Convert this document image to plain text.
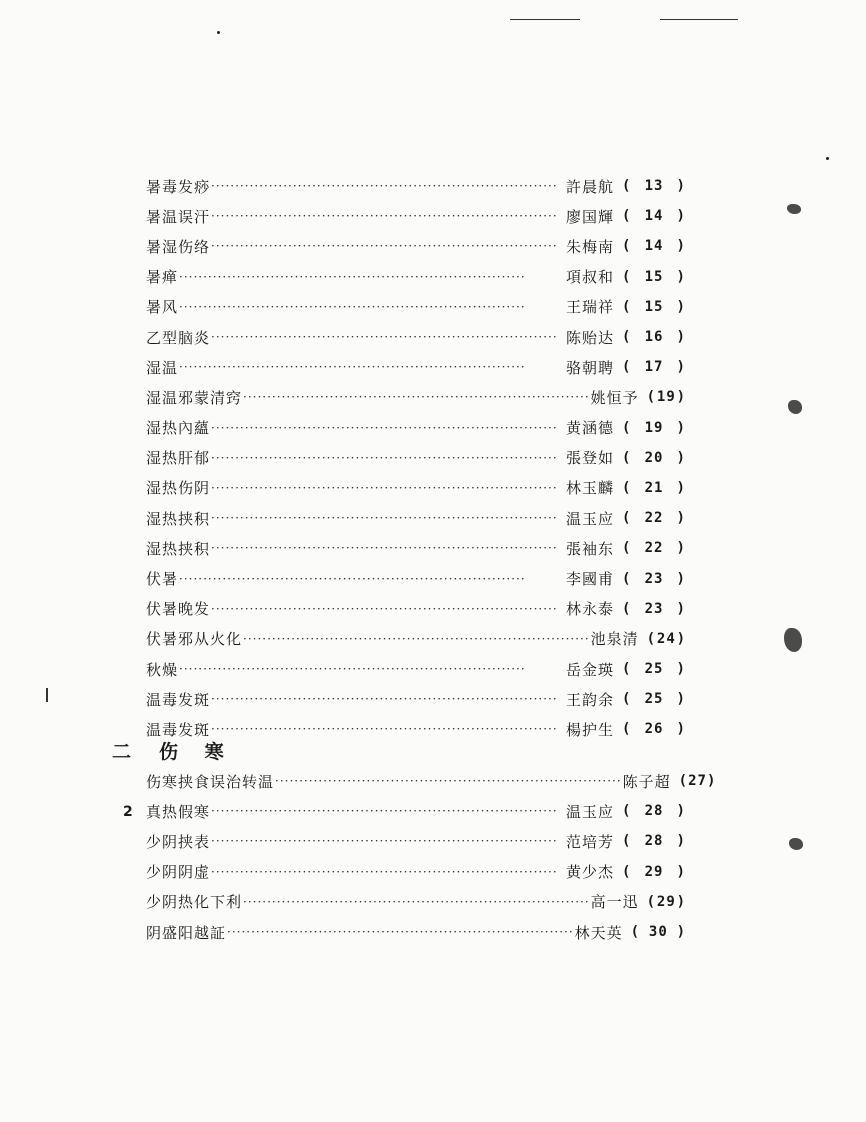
暑毒发痧 ········································································ 許晨航 ( 13 )
暑温误汗 ········································································ 廖国輝 ( 14 )
暑湿伤络 ········································································ 朱梅南 ( 14 )
暑瘅 ········································································	項叔和 ( 15 )
暑风 ········································································	王瑞祥 ( 15 )
乙型脑炎 ········································································ 陈贻达 ( 16 )
湿温 ········································································	骆朝聘 ( 17 )
湿温邪蒙清窍 ········································································ 姚恒予 ( 19 )
湿热內蘊 ········································································ 黄涵德 ( 19 )
湿热肝郁 ········································································ 張登如 ( 20 )
湿热伤阴 ········································································ 林玉麟 ( 21 )
湿热挟积 ········································································ 温玉应 ( 22 )
湿热挟积 ········································································ 張袖东 ( 22 )
伏暑 ········································································	李國甫 ( 23 )
伏暑晚发 ········································································ 林永泰 ( 23 )
伏暑邪从火化 ········································································ 池泉清 ( 24 )
秋燥 ········································································	岳金瑛 ( 25 )
温毒发斑 ········································································ 王韵余 ( 25 )
温毒发斑 ········································································ 楊护生 ( 26 )
二 伤 寒
伤寒挟食误治转温 ········································································ 陈子超 ( 27 )
真热假寒 ········································································ 温玉应 ( 28 )
少阴挟表 ········································································ 范培芳 ( 28 )
少阴阴虚 ········································································ 黄少杰 ( 29 )
少阴热化下利 ········································································ 高一迅 ( 29 )
阴盛阳越証 ········································································ 林天英 ( 30 )
2
